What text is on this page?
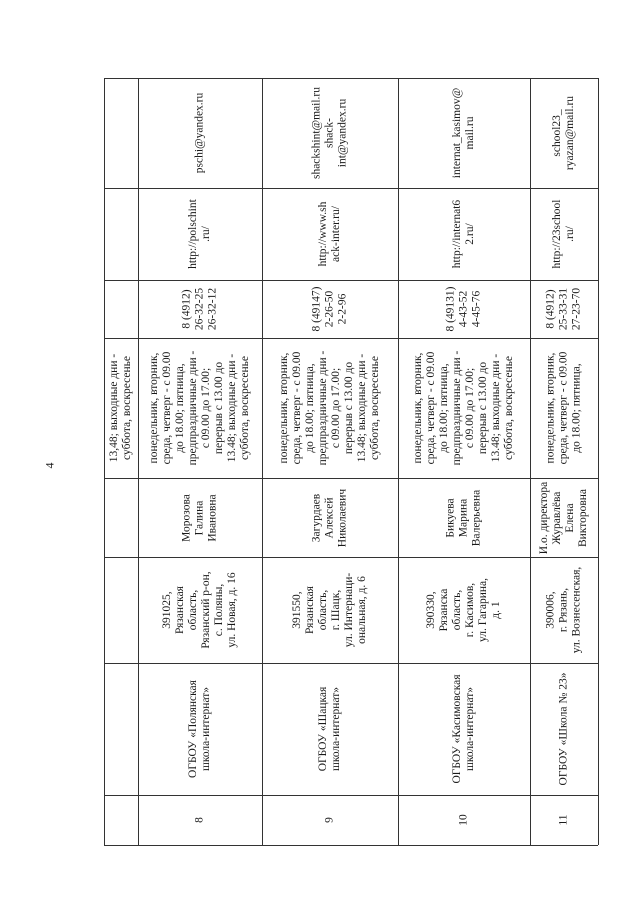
4
13,48; выходные дни -
суббота, воскресенье
8
ОГБОУ «Полянская
школа-интернат»
391025,
Рязанская
область,
Рязанский р-он,
с. Поляны,
ул. Новая, д. 16
Морозова
Галина
Ивановна
понедельник, вторник,
среда, четверг - с 09.00
до 18.00; пятница,
предпраздничные дни -
с 09.00 до 17.00;
перерыв с 13.00 до
13.48; выходные дни -
суббота, воскресенье
8 (4912)
26-32-25
26-32-12
http://polschint
.ru/
pschi@yandex.ru
9
ОГБОУ «Шацкая
школа-интернат»
391550,
Рязанская
область,
г. Шацк,
ул. Интернаци-
ональная, д. 6
Загурдаев
Алексей
Николаевич
понедельник, вторник,
среда, четверг - с 09.00
до 18.00; пятница,
предпраздничные дни -
с 09.00 до 17.00;
перерыв с 13.00 до
13.48; выходные дни -
суббота, воскресенье
8 (49147)
2-26-50
2-2-96
http://www.sh
ack-inter.ru/
shackshint@mail.ru
shack-
int@yandex.ru
10
ОГБОУ «Касимовская
школа-интернат»
390330,
Рязанска
область,
г. Касимов,
ул. Гагарина,
д. 1
Бикуева
Марина
Валерьевна
понедельник, вторник,
среда, четверг - с 09.00
до 18.00; пятница,
предпраздничные дни -
с 09.00 до 17.00;
перерыв с 13.00 до
13.48; выходные дни -
суббота, воскресенье
8 (49131)
4-43-52
4-45-76
http://internat6
2.ru/
internat_kasimov@
mail.ru
11
ОГБОУ «Школа № 23»
390006,
г. Рязань,
ул. Вознесенская,
И.о. директора
Журавлёва
Елена
Викторовна
понедельник, вторник,
среда, четверг - с 09.00
до 18.00; пятница,
8 (4912)
25-33-31
27-23-70
http://23school
.ru/
school23_
ryazan@mail.ru
